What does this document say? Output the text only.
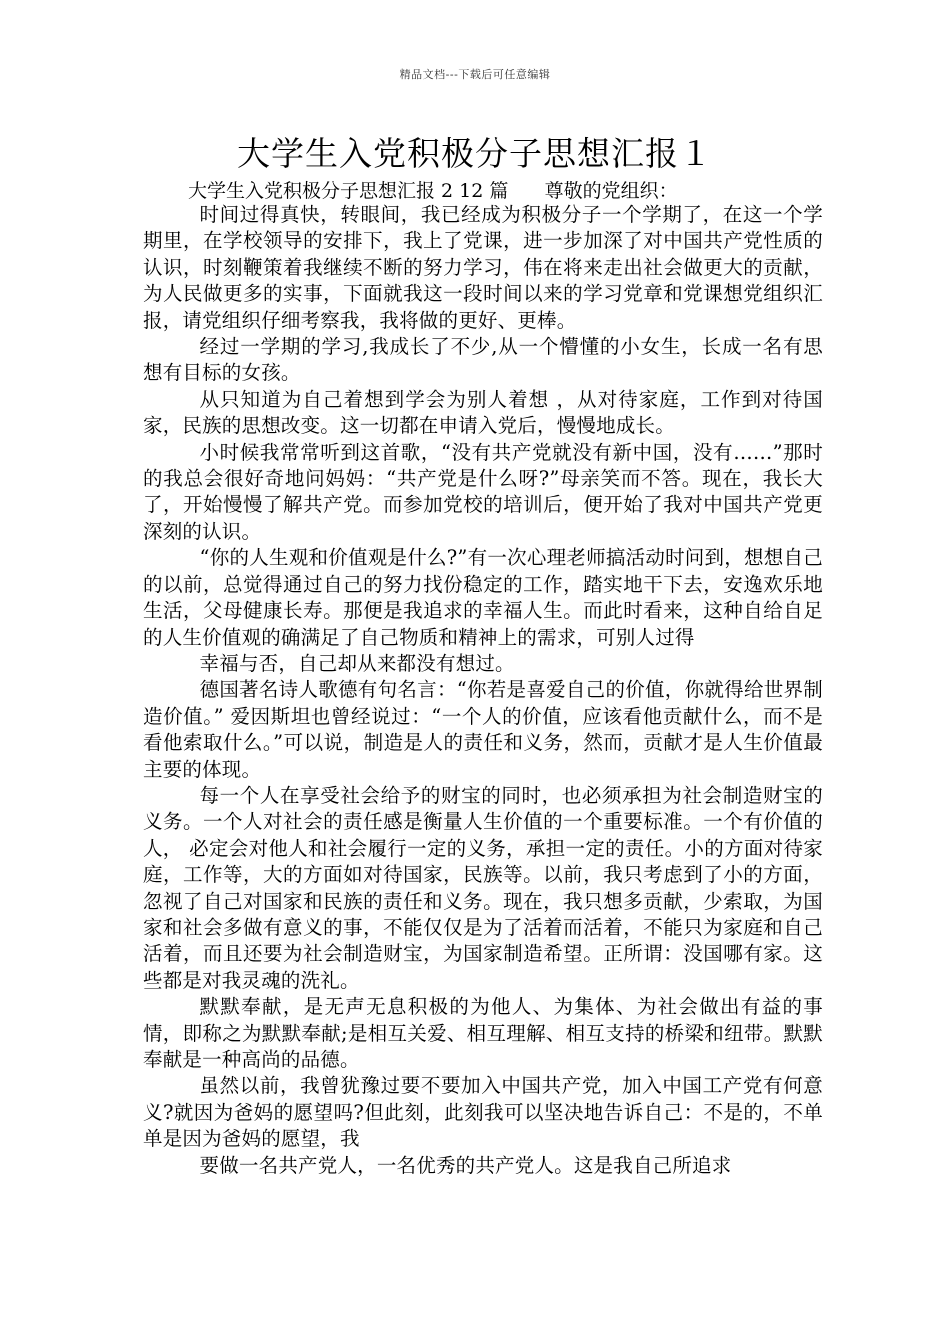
精品文档---下载后可任意编辑
大学生入党积极分子思想汇报１
大学生入党积极分子思想汇报 2 12 篇      尊敬的党组织：

时间过得真快，转眼间，我已经成为积极分子一个学期了，在这一个学期里，在学校领导的安排下，我上了党课，进一步加深了对中国共产党性质的认识，时刻鞭策着我继续不断的努力学习，伟在将来走出社会做更大的贡献，为人民做更多的实事，下面就我这一段时间以来的学习党章和党课想党组织汇报，请党组织仔细考察我，我将做的更好、更棒。

经过一学期的学习,我成长了不少,从一个懵懂的小女生，长成一名有思想有目标的女孩。

从只知道为自己着想到学会为别人着想 ，从对待家庭，工作到对待国家，民族的思想改变。这一切都在申请入党后，慢慢地成长。

小时候我常常听到这首歌，“没有共产党就没有新中国，没有……”那时的我总会很好奇地问妈妈：“共产党是什么呀?”母亲笑而不答。现在，我长大了，开始慢慢了解共产党。而参加党校的培训后，便开始了我对中国共产党更深刻的认识。

“你的人生观和价值观是什么?”有一次心理老师搞活动时问到，想想自己的以前，总觉得通过自己的努力找份稳定的工作，踏实地干下去，安逸欢乐地生活，父母健康长寿。那便是我追求的幸福人生。而此时看来，这种自给自足的人生价值观的确满足了自己物质和精神上的需求，可别人过得

幸福与否，自己却从来都没有想过。

德国著名诗人歌德有句名言：“你若是喜爱自己的价值，你就得给世界制造价值。” 爱因斯坦也曾经说过：“一个人的价值，应该看他贡献什么，而不是看他索取什么。”可以说，制造是人的责任和义务，然而，贡献才是人生价值最主要的体现。

每一个人在享受社会给予的财宝的同时，也必须承担为社会制造财宝的义务。一个人对社会的责任感是衡量人生价值的一个重要标准。一个有价值的人， 必定会对他人和社会履行一定的义务，承担一定的责任。小的方面对待家庭，工作等，大的方面如对待国家，民族等。以前，我只考虑到了小的方面，忽视了自己对国家和民族的责任和义务。现在，我只想多贡献，少索取，为国家和社会多做有意义的事，不能仅仅是为了活着而活着，不能只为家庭和自己活着，而且还要为社会制造财宝，为国家制造希望。正所谓：没国哪有家。这些都是对我灵魂的洗礼。

默默奉献，是无声无息积极的为他人、为集体、为社会做出有益的事情，即称之为默默奉献;是相互关爱、相互理解、相互支持的桥梁和纽带。默默奉献是一种高尚的品德。

虽然以前，我曾犹豫过要不要加入中国共产党，加入中国工产党有何意义?就因为爸妈的愿望吗?但此刻，此刻我可以坚决地告诉自己：不是的，不单单是因为爸妈的愿望，我

要做一名共产党人，一名优秀的共产党人。这是我自己所追求
